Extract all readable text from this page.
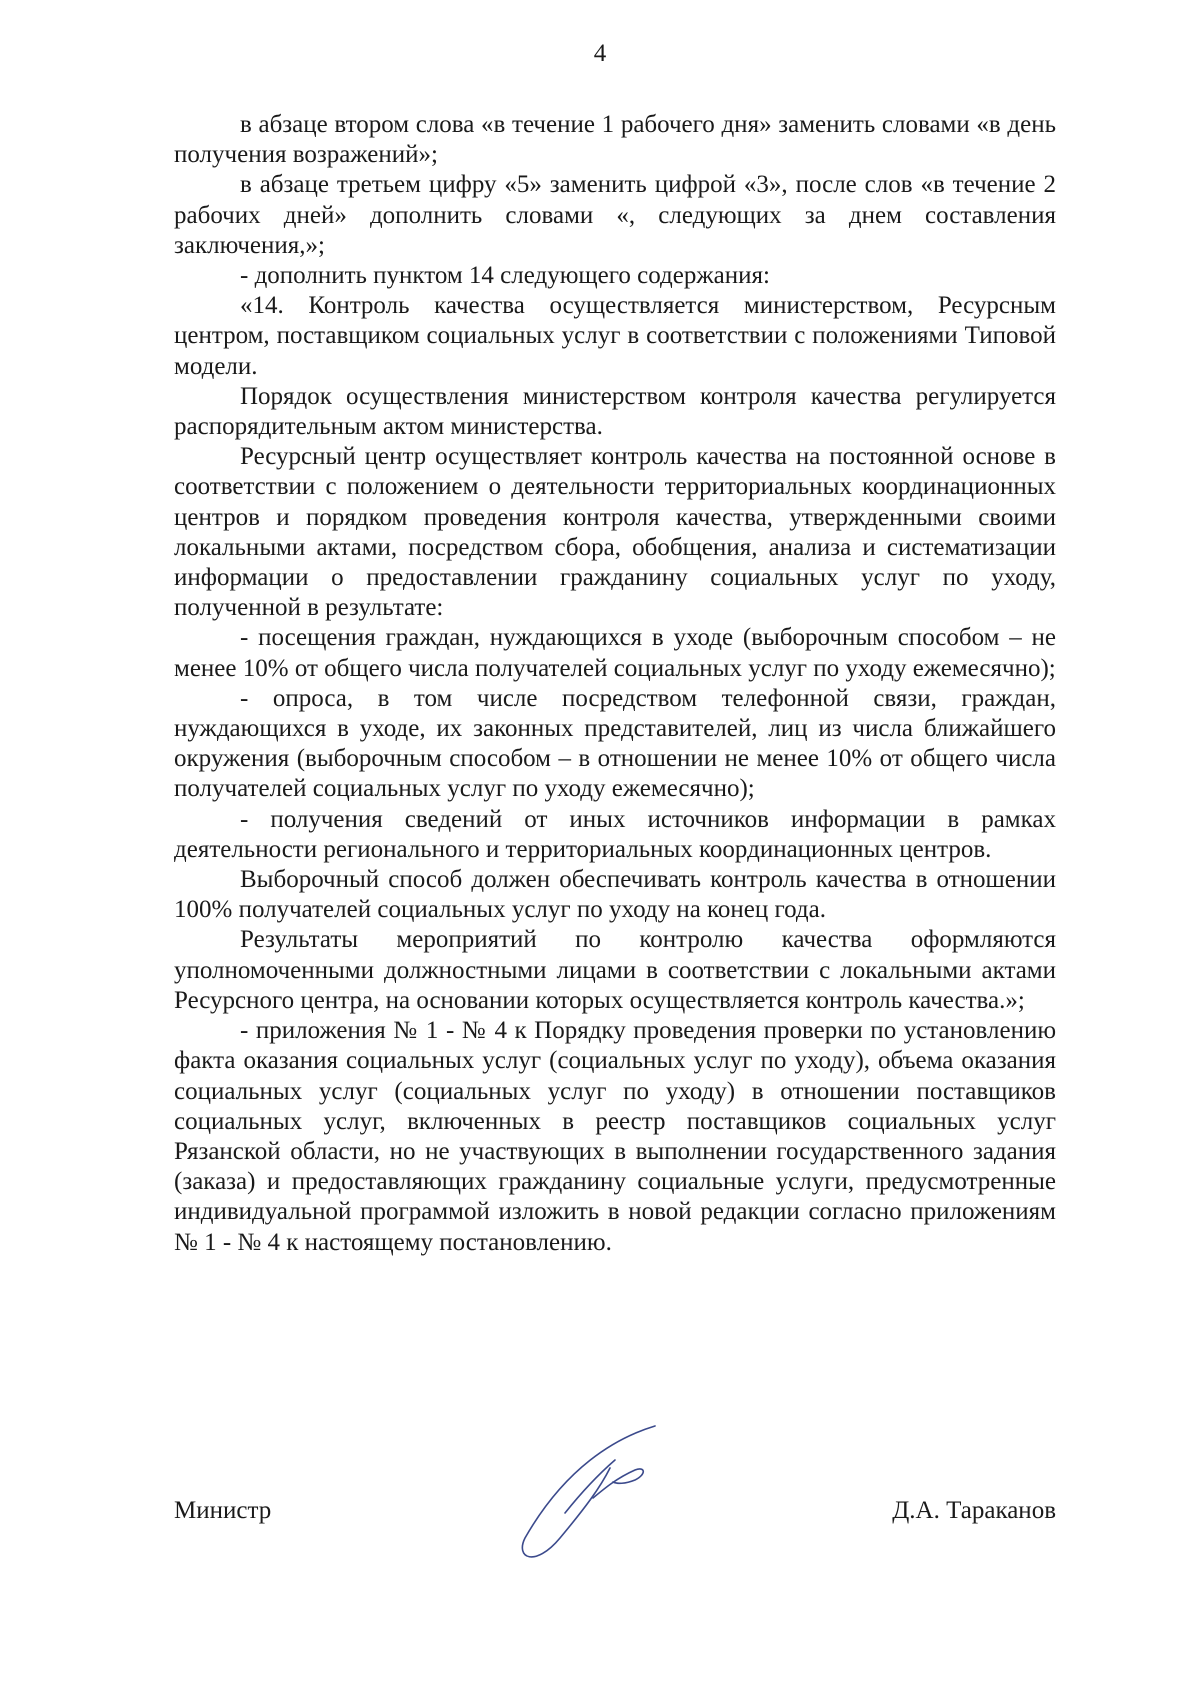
4

в абзаце втором слова «в течение 1 рабочего дня» заменить словами «в день получения возражений»;

в абзаце третьем цифру «5» заменить цифрой «3», после слов «в течение 2 рабочих дней» дополнить словами «, следующих за днем составления заключения,»;

- дополнить пунктом 14 следующего содержания:

«14. Контроль качества осуществляется министерством, Ресурсным центром, поставщиком социальных услуг в соответствии с положениями Типовой модели.

Порядок осуществления министерством контроля качества регулируется распорядительным актом министерства.

Ресурсный центр осуществляет контроль качества на постоянной основе в соответствии с положением о деятельности территориальных координационных центров и порядком проведения контроля качества, утвержденными своими локальными актами, посредством сбора, обобщения, анализа и систематизации информации о предоставлении гражданину социальных услуг по уходу, полученной в результате:

- посещения граждан, нуждающихся в уходе (выборочным способом – не менее 10% от общего числа получателей социальных услуг по уходу ежемесячно);

- опроса, в том числе посредством телефонной связи, граждан, нуждающихся в уходе, их законных представителей, лиц из числа ближайшего окружения (выборочным способом – в отношении не менее 10% от общего числа получателей социальных услуг по уходу ежемесячно);

- получения сведений от иных источников информации в рамках деятельности регионального и территориальных координационных центров.

Выборочный способ должен обеспечивать контроль качества в отношении 100% получателей социальных услуг по уходу на конец года.

Результаты мероприятий по контролю качества оформляются уполномоченными должностными лицами в соответствии с локальными актами Ресурсного центра, на основании которых осуществляется контроль качества.»;

- приложения № 1 - № 4 к Порядку проведения проверки по установлению факта оказания социальных услуг (социальных услуг по уходу), объема оказания социальных услуг (социальных услуг по уходу) в отношении поставщиков социальных услуг, включенных в реестр поставщиков социальных услуг Рязанской области, но не участвующих в выполнении государственного задания (заказа) и предоставляющих гражданину социальные услуги, предусмотренные индивидуальной программой изложить в новой редакции согласно приложениям № 1 - № 4 к настоящему постановлению.

Министр	Д.А. Тараканов
